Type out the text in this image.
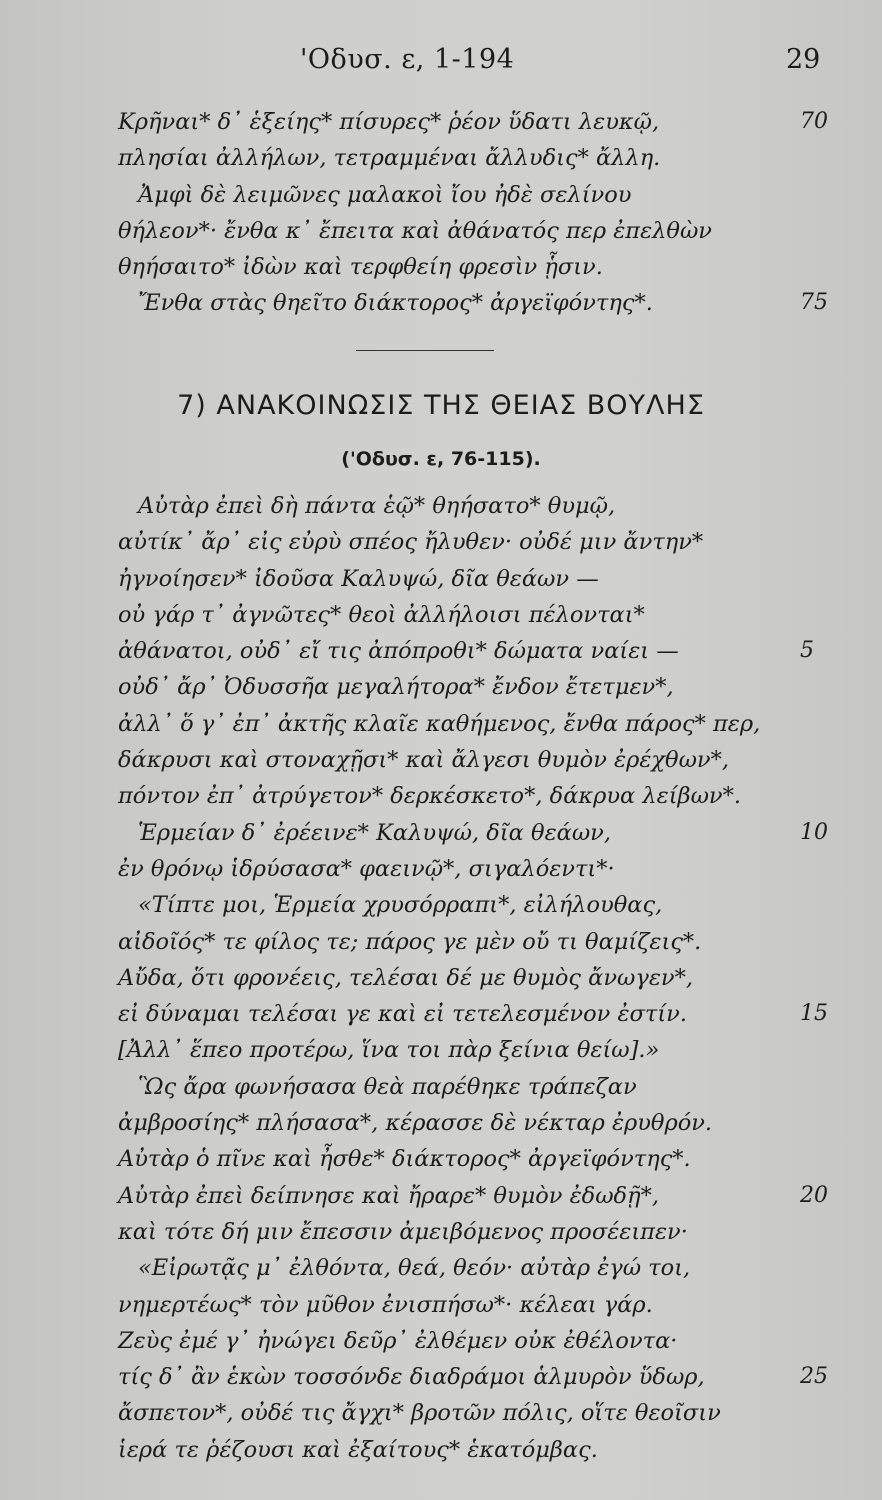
'Οδυσ. ε, 1-194	29
Κρῆναι* δ᾽ ἑξείης* πίσυρες* ῥέον ὕδατι λευκῷ,	70
πλησίαι ἀλλήλων, τετραμμέναι ἄλλυδις* ἄλλη.
Ἀμφὶ δὲ λειμῶνες μαλακοὶ ἴου ἠδὲ σελίνου
θήλεον*· ἔνθα κ᾽ ἔπειτα καὶ ἀθάνατός περ ἐπελθὼν
θηήσαιτο* ἰδὼν καὶ τερφθείη φρεσὶν ᾗσιν.
Ἔνθα στὰς θηεῖτο διάκτορος* ἀργεϊφόντης*.	75
7) ΑΝΑΚΟΙΝΩΣΙΣ ΤΗΣ ΘΕΙΑΣ ΒΟΥΛΗΣ
('Οδυσ. ε, 76-115).
Αὐτὰρ ἐπεὶ δὴ πάντα ἑῷ* θηήσατο* θυμῷ,
αὐτίκ᾽ ἄρ᾽ εἰς εὐρὺ σπέος ἤλυθεν· οὐδέ μιν ἄντην*
ἠγνοίησεν* ἰδοῦσα Καλυψώ, δῖα θεάων —
οὐ γάρ τ᾽ ἀγνῶτες* θεοὶ ἀλλήλοισι πέλονται*
ἀθάνατοι, οὐδ᾽ εἴ τις ἀπόπροθι* δώματα ναίει —	5
οὐδ᾽ ἄρ᾽ Ὀδυσσῆα μεγαλήτορα* ἔνδον ἔτετμεν*,
ἀλλ᾽ ὅ γ᾽ ἐπ᾽ ἀκτῆς κλαῖε καθήμενος, ἔνθα πάρος* περ,
δάκρυσι καὶ στοναχῇσι* καὶ ἄλγεσι θυμὸν ἐρέχθων*,
πόντον ἐπ᾽ ἀτρύγετον* δερκέσκετο*, δάκρυα λείβων*.
Ἑρμείαν δ᾽ ἐρέεινε* Καλυψώ, δῖα θεάων,	10
ἐν θρόνῳ ἱδρύσασα* φαεινῷ*, σιγαλόεντι*·
«Τίπτε μοι, Ἑρμεία χρυσόρραπι*, εἰλήλουθας,
αἰδοῖός* τε φίλος τε; πάρος γε μὲν οὔ τι θαμίζεις*.
Αὔδα, ὅτι φρονέεις, τελέσαι δέ με θυμὸς ἄνωγεν*,
εἰ δύναμαι τελέσαι γε καὶ εἰ τετελεσμένον ἐστίν.	15
[Ἀλλ᾽ ἕπεο προτέρω, ἵνα τοι πὰρ ξείνια θείω].»
Ὣς ἄρα φωνήσασα θεὰ παρέθηκε τράπεζαν
ἀμβροσίης* πλήσασα*, κέρασσε δὲ νέκταρ ἐρυθρόν.
Αὐτὰρ ὁ πῖνε καὶ ἦσθε* διάκτορος* ἀργεϊφόντης*.
Αὐτὰρ ἐπεὶ δείπνησε καὶ ἤραρε* θυμὸν ἐδωδῇ*,	20
καὶ τότε δή μιν ἔπεσσιν ἀμειβόμενος προσέειπεν·
«Εἰρωτᾷς μ᾽ ἐλθόντα, θεά, θεόν· αὐτὰρ ἐγώ τοι,
νημερτέως* τὸν μῦθον ἐνισπήσω*· κέλεαι γάρ.
Ζεὺς ἐμέ γ᾽ ἠνώγει δεῦρ᾽ ἐλθέμεν οὐκ ἐθέλοντα·
τίς δ᾽ ἂν ἑκὼν τοσσόνδε διαδράμοι ἁλμυρὸν ὕδωρ,	25
ἄσπετον*, οὐδέ τις ἄγχι* βροτῶν πόλις, οἵτε θεοῖσιν
ἱερά τε ῥέζουσι καὶ ἐξαίτους* ἑκατόμβας.
